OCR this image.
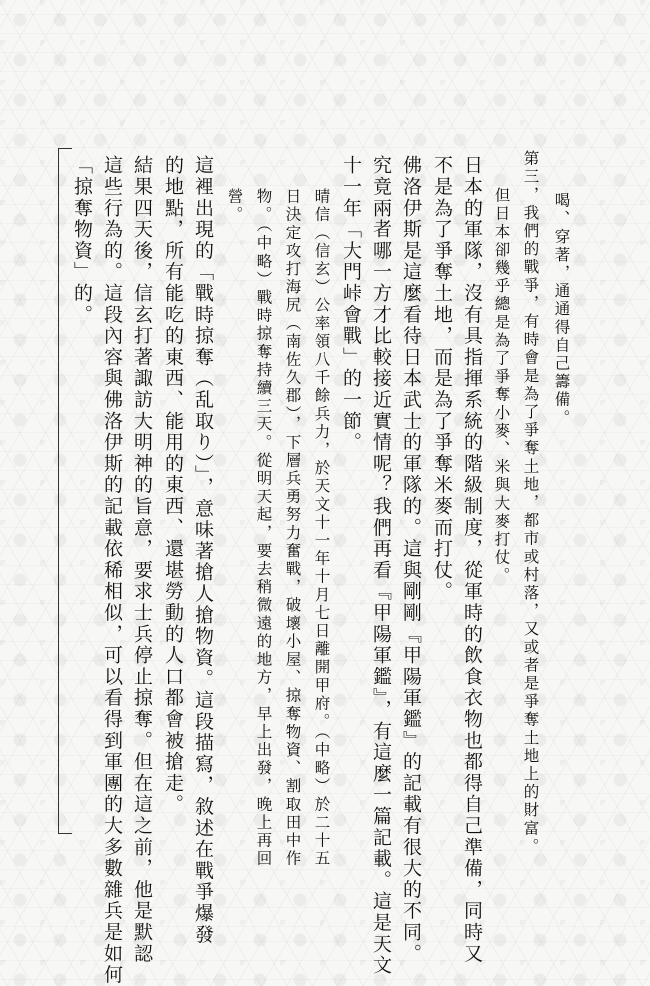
喝、穿著，通通得自己籌備。
第三，我們的戰爭，有時會是為了爭奪土地，都市或村落，又或者是爭奪土地上的財富。
但日本卻幾乎總是為了爭奪小麥、米與大麥打仗。
日本的軍隊，沒有具指揮系統的階級制度，從軍時的飲食衣物也都得自己準備，同時又
不是為了爭奪土地，而是為了爭奪米麥而打仗。
佛洛伊斯是這麼看待日本武士的軍隊的。這與剛剛『甲陽軍鑑』的記載有很大的不同。
究竟兩者哪一方才比較接近實情呢？我們再看『甲陽軍鑑』，有這麼一篇記載。這是天文
十一年「大門峠會戰」的一節。
晴信（信玄）公率領八千餘兵力，於天文十一年十月七日離開甲府。（中略）於二十五
日決定攻打海尻（南佐久郡），下層兵勇努力奮戰，破壞小屋、掠奪物資、割取田中作
物。（中略）戰時掠奪持續三天。從明天起，要去稍微遠的地方，早上出發，晚上再回
營。
這裡出現的「戰時掠奪（乱取り）」，意味著搶人搶物資。這段描寫，敘述在戰爭爆發
的地點，所有能吃的東西、能用的東西、還堪勞動的人口都會被搶走。
結果四天後，信玄打著諏訪大明神的旨意，要求士兵停止掠奪。但在這之前，他是默認
這些行為的。這段內容與佛洛伊斯的記載依稀相似，可以看得到軍團的大多數雜兵是如何
「掠奪物資」的。
